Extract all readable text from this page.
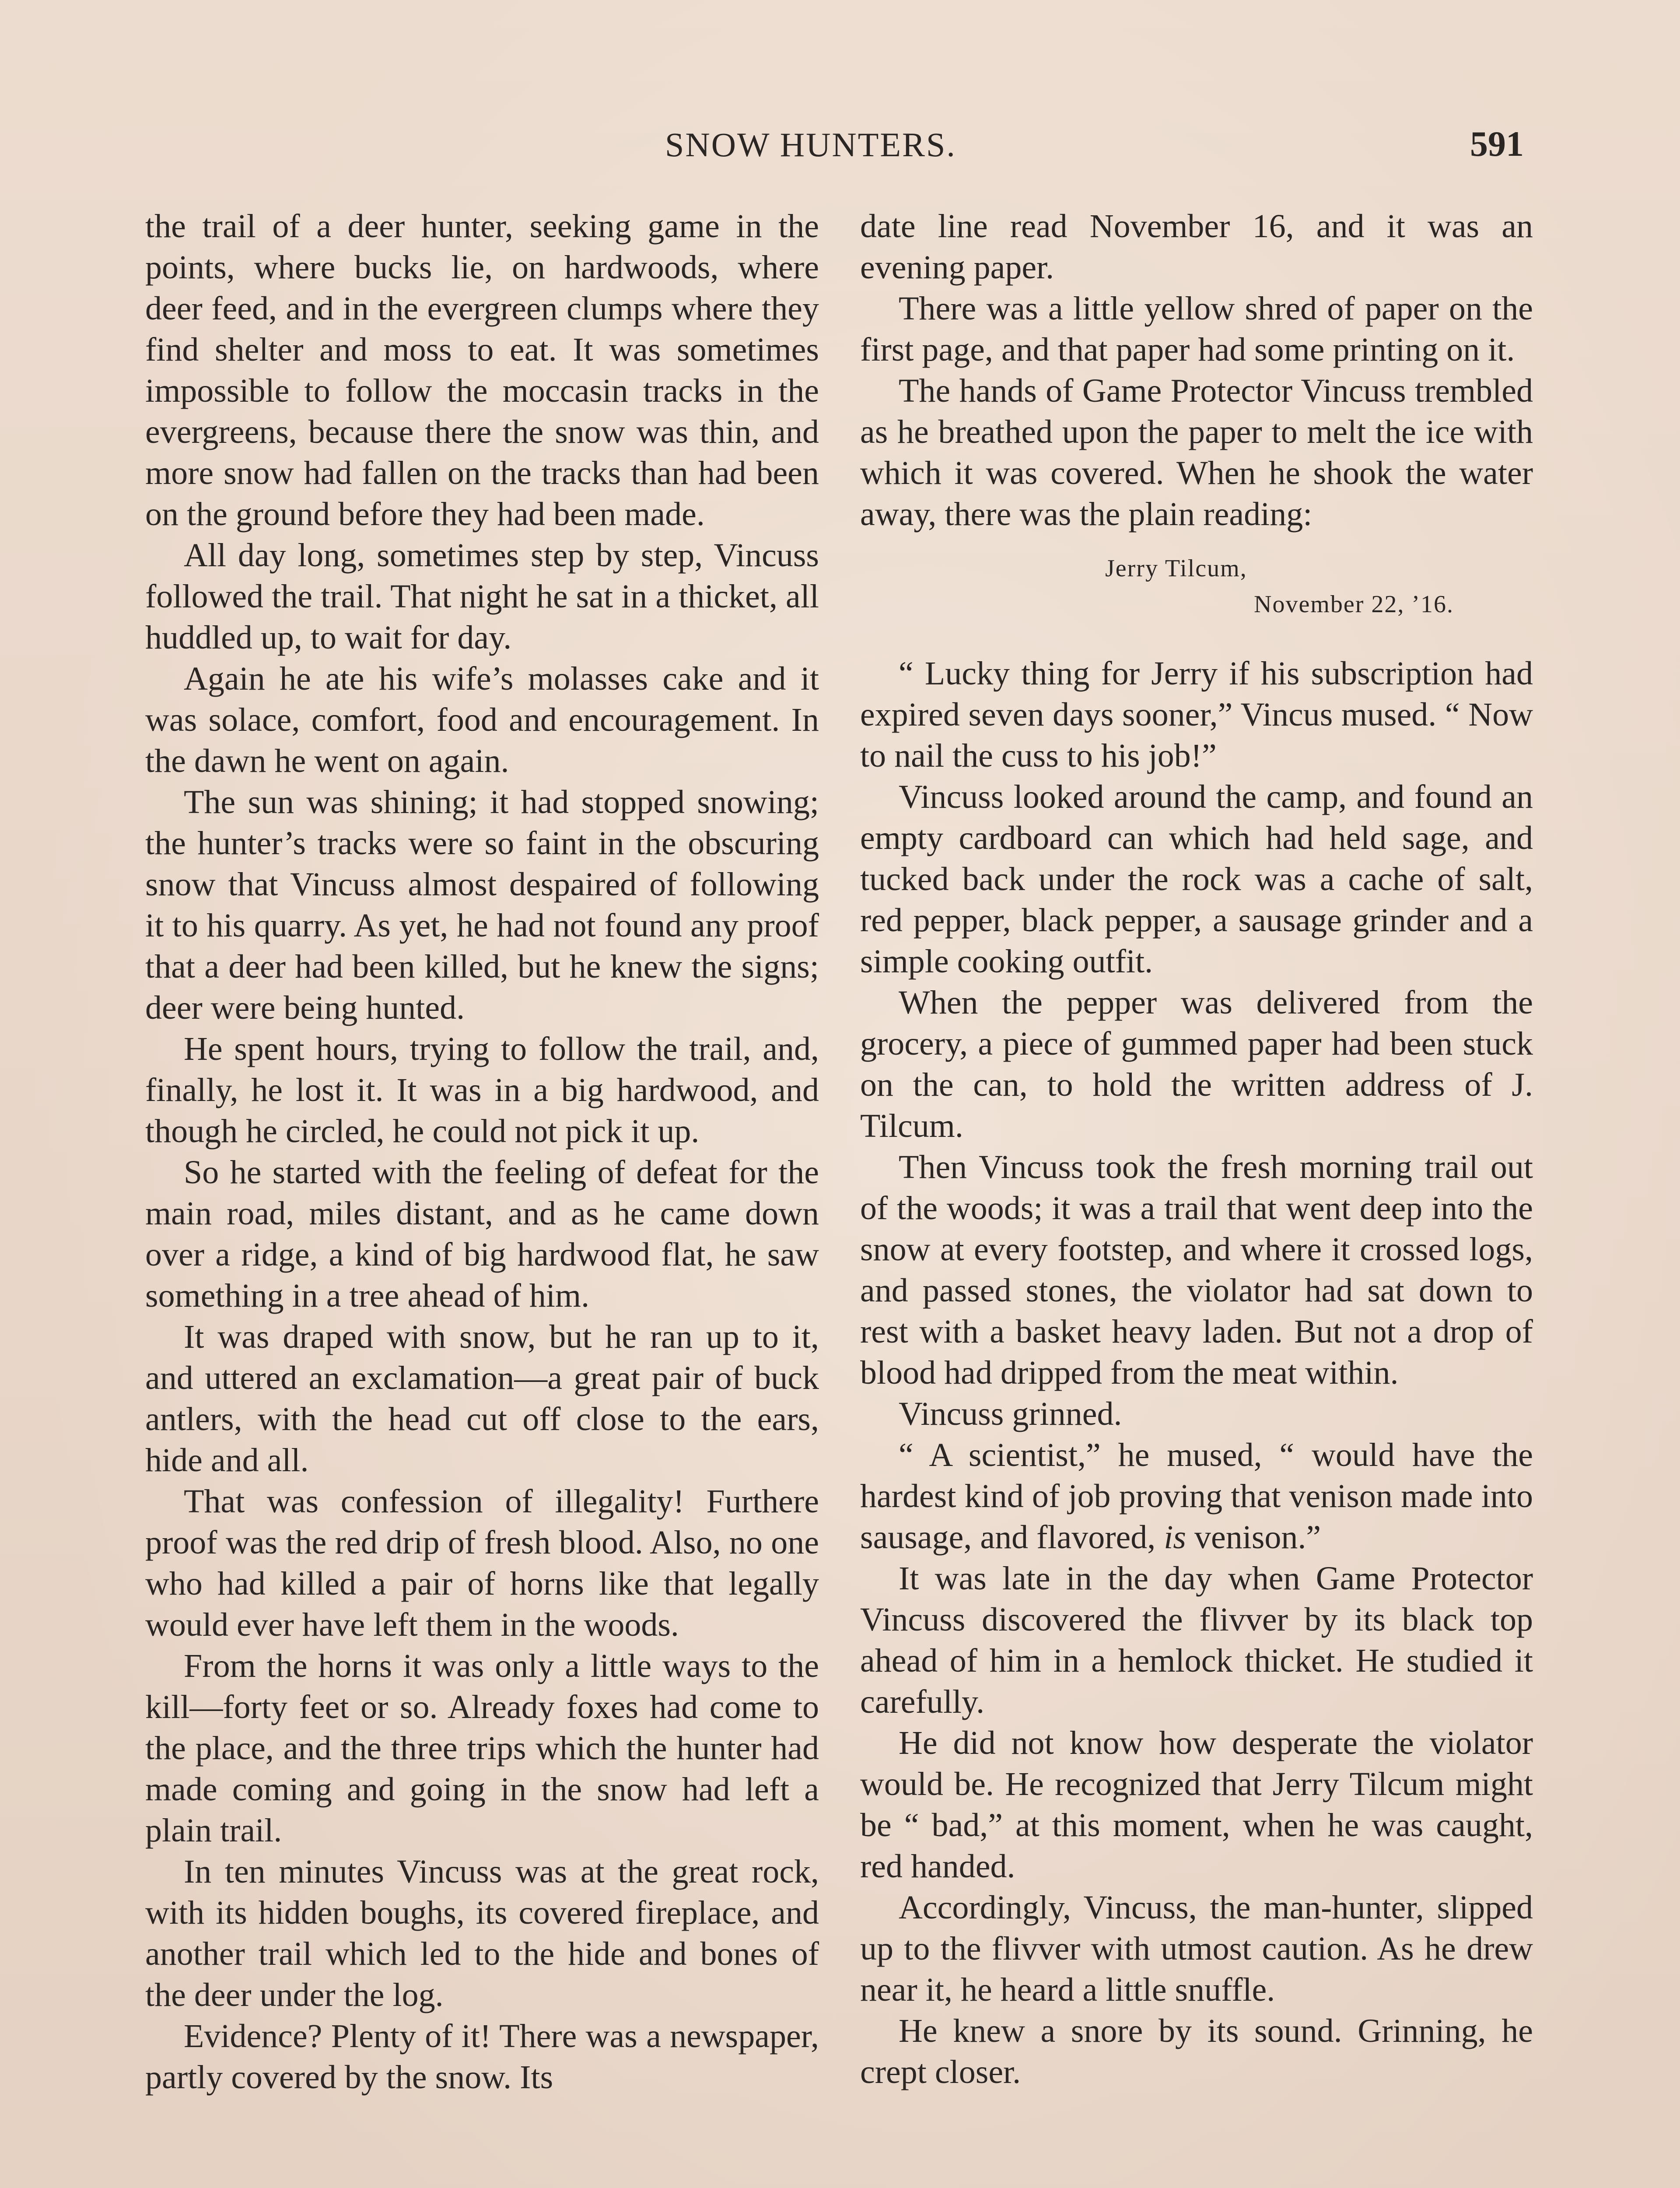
SNOW HUNTERS.	591

the trail of a deer hunter, seeking game in the points, where bucks lie, on hardwoods, where deer feed, and in the evergreen clumps where they find shelter and moss to eat. It was sometimes impossible to follow the moccasin tracks in the evergreens, because there the snow was thin, and more snow had fallen on the tracks than had been on the ground before they had been made.

All day long, sometimes step by step, Vincuss followed the trail. That night he sat in a thicket, all huddled up, to wait for day.

Again he ate his wife’s molasses cake and it was solace, comfort, food and encouragement. In the dawn he went on again.

The sun was shining; it had stopped snowing; the hunter’s tracks were so faint in the obscuring snow that Vincuss almost despaired of following it to his quarry. As yet, he had not found any proof that a deer had been killed, but he knew the signs; deer were being hunted.

He spent hours, trying to follow the trail, and, finally, he lost it. It was in a big hardwood, and though he circled, he could not pick it up.

So he started with the feeling of defeat for the main road, miles distant, and as he came down over a ridge, a kind of big hardwood flat, he saw something in a tree ahead of him.

It was draped with snow, but he ran up to it, and uttered an exclamation—a great pair of buck antlers, with the head cut off close to the ears, hide and all.

That was confession of illegality! Furthere proof was the red drip of fresh blood. Also, no one who had killed a pair of horns like that legally would ever have left them in the woods.

From the horns it was only a little ways to the kill—forty feet or so. Already foxes had come to the place, and the three trips which the hunter had made coming and going in the snow had left a plain trail.

In ten minutes Vincuss was at the great rock, with its hidden boughs, its covered fireplace, and another trail which led to the hide and bones of the deer under the log.

Evidence? Plenty of it! There was a newspaper, partly covered by the snow. Its

date line read November 16, and it was an evening paper.

There was a little yellow shred of paper on the first page, and that paper had some printing on it.

The hands of Game Protector Vincuss trembled as he breathed upon the paper to melt the ice with which it was covered. When he shook the water away, there was the plain reading:

Jerry Tilcum,
November 22, ’16.

“ Lucky thing for Jerry if his subscription had expired seven days sooner,” Vincus mused. “ Now to nail the cuss to his job!”

Vincuss looked around the camp, and found an empty cardboard can which had held sage, and tucked back under the rock was a cache of salt, red pepper, black pepper, a sausage grinder and a simple cooking outfit.

When the pepper was delivered from the grocery, a piece of gummed paper had been stuck on the can, to hold the written address of J. Tilcum.

Then Vincuss took the fresh morning trail out of the woods; it was a trail that went deep into the snow at every footstep, and where it crossed logs, and passed stones, the violator had sat down to rest with a basket heavy laden. But not a drop of blood had dripped from the meat within.

Vincuss grinned.

“ A scientist,” he mused, “ would have the hardest kind of job proving that venison made into sausage, and flavored, is venison.”

It was late in the day when Game Protector Vincuss discovered the flivver by its black top ahead of him in a hemlock thicket. He studied it carefully.

He did not know how desperate the violator would be. He recognized that Jerry Tilcum might be “ bad,” at this moment, when he was caught, red handed.

Accordingly, Vincuss, the man-hunter, slipped up to the flivver with utmost caution. As he drew near it, he heard a little snuffle.

He knew a snore by its sound. Grinning, he crept closer.
